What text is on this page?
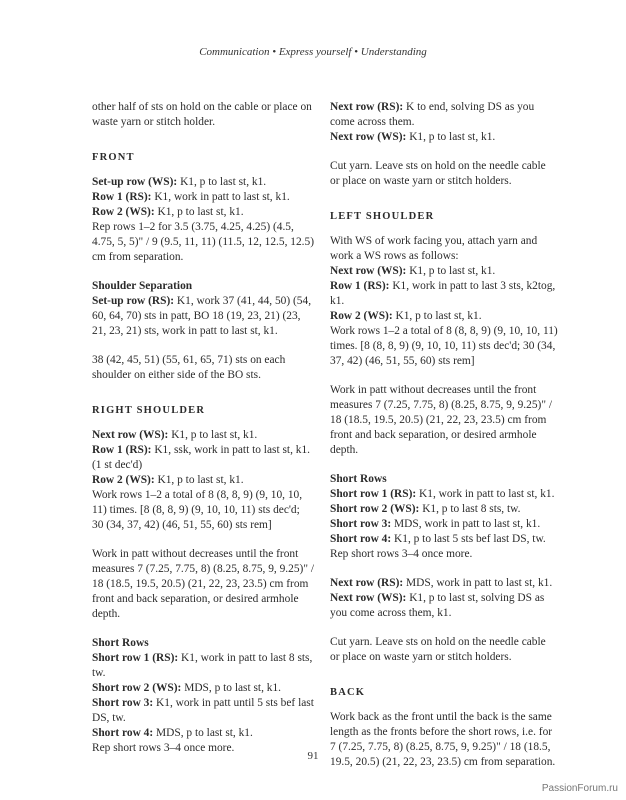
Communication • Express yourself • Understanding

other half of sts on hold on the cable or place on waste yarn or stitch holder.

FRONT

Set-up row (WS): K1, p to last st, k1.

Row 1 (RS): K1, work in patt to last st, k1.

Row 2 (WS): K1, p to last st, k1.

Rep rows 1–2 for 3.5 (3.75, 4.25, 4.25) (4.5, 4.75, 5, 5)" / 9 (9.5, 11, 11) (11.5, 12, 12.5, 12.5) cm from separation.

Shoulder Separation

Set-up row (RS): K1, work 37 (41, 44, 50) (54, 60, 64, 70) sts in patt, BO 18 (19, 23, 21) (23, 21, 23, 21) sts, work in patt to last st, k1.

38 (42, 45, 51) (55, 61, 65, 71) sts on each shoulder on either side of the BO sts.

RIGHT SHOULDER

Next row (WS): K1, p to last st, k1.

Row 1 (RS): K1, ssk, work in patt to last st, k1. (1 st dec'd)

Row 2 (WS): K1, p to last st, k1.

Work rows 1–2 a total of 8 (8, 8, 9) (9, 10, 10, 11) times. [8 (8, 8, 9) (9, 10, 10, 11) sts dec'd; 30 (34, 37, 42) (46, 51, 55, 60) sts rem]

Work in patt without decreases until the front measures 7 (7.25, 7.75, 8) (8.25, 8.75, 9, 9.25)" / 18 (18.5, 19.5, 20.5) (21, 22, 23, 23.5) cm from front and back separation, or desired armhole depth.

Short Rows

Short row 1 (RS): K1, work in patt to last 8 sts, tw.

Short row 2 (WS): MDS, p to last st, k1.

Short row 3: K1, work in patt until 5 sts bef last DS, tw.

Short row 4: MDS, p to last st, k1.

Rep short rows 3–4 once more.

Next row (RS): K to end, solving DS as you come across them.

Next row (WS): K1, p to last st, k1.

Cut yarn. Leave sts on hold on the needle cable or place on waste yarn or stitch holders.

LEFT SHOULDER

With WS of work facing you, attach yarn and work a WS rows as follows:

Next row (WS): K1, p to last st, k1.

Row 1 (RS): K1, work in patt to last 3 sts, k2tog, k1.

Row 2 (WS): K1, p to last st, k1.

Work rows 1–2 a total of 8 (8, 8, 9) (9, 10, 10, 11) times. [8 (8, 8, 9) (9, 10, 10, 11) sts dec'd; 30 (34, 37, 42) (46, 51, 55, 60) sts rem]

Work in patt without decreases until the front measures 7 (7.25, 7.75, 8) (8.25, 8.75, 9, 9.25)" / 18 (18.5, 19.5, 20.5) (21, 22, 23, 23.5) cm from front and back separation, or desired armhole depth.

Short Rows

Short row 1 (RS): K1, work in patt to last st, k1.

Short row 2 (WS): K1, p to last 8 sts, tw.

Short row 3: MDS, work in patt to last st, k1.

Short row 4: K1, p to last 5 sts bef last DS, tw.

Rep short rows 3–4 once more.

Next row (RS): MDS, work in patt to last st, k1.

Next row (WS): K1, p to last st, solving DS as you come across them, k1.

Cut yarn. Leave sts on hold on the needle cable or place on waste yarn or stitch holders.

BACK

Work back as the front until the back is the same length as the fronts before the short rows, i.e. for 7 (7.25, 7.75, 8) (8.25, 8.75, 9, 9.25)" / 18 (18.5, 19.5, 20.5) (21, 22, 23, 23.5) cm from separation.

91
PassionForum.ru
